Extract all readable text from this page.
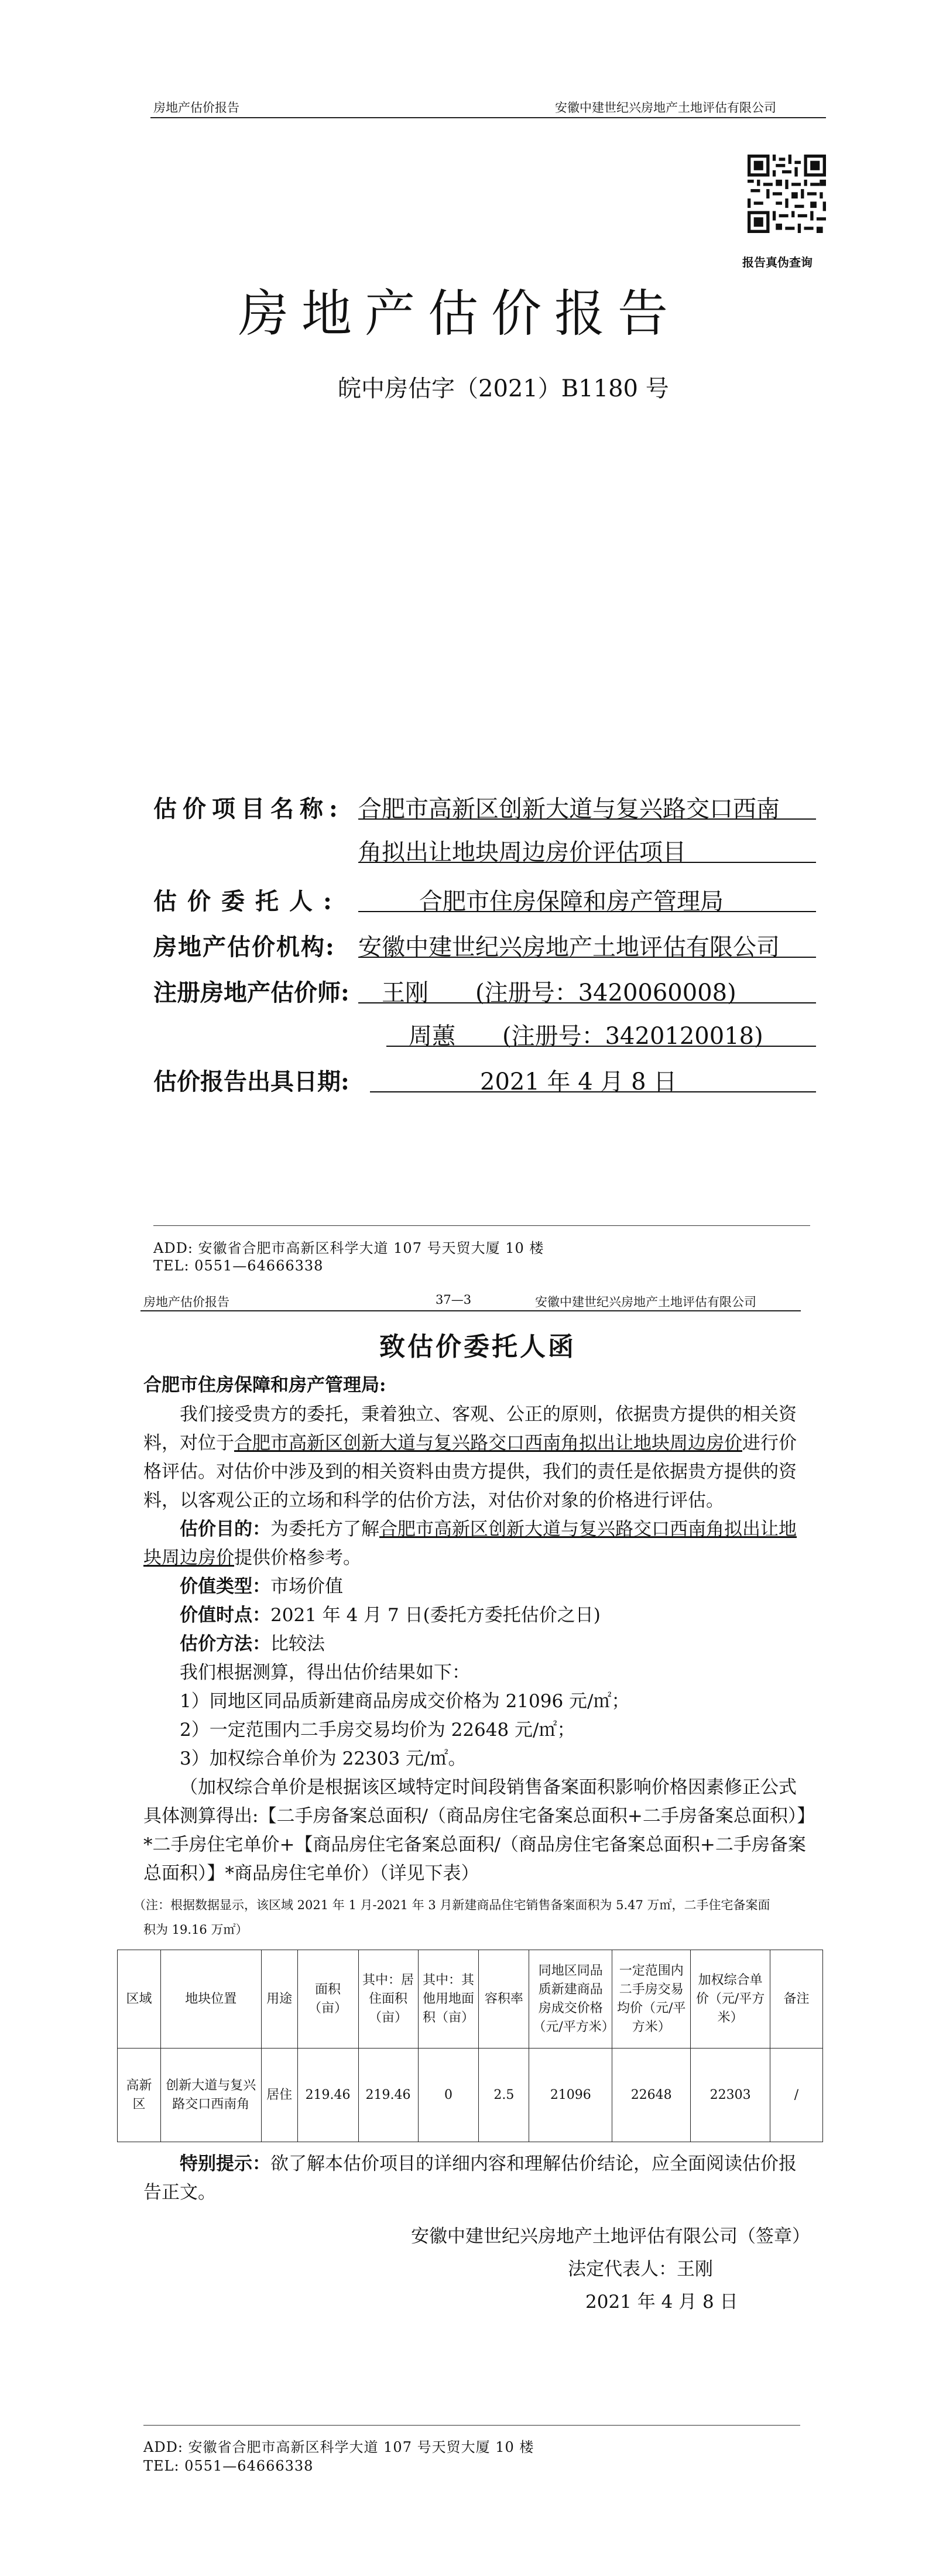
房地产估价报告	安徽中建世纪兴房地产土地评估有限公司
报告真伪查询
房地产估价报告
皖中房估字（2021）B1180 号
估价项目名称: 合肥市高新区创新大道与复兴路交口西南
角拟出让地块周边房价评估项目
估价委托人:	合肥市住房保障和房产管理局
房地产估价机构: 安徽中建世纪兴房地产土地评估有限公司
注册房地产估价师: 王刚　　(注册号：3420060008)
周蕙　　(注册号：3420120018)
估价报告出具日期:	2021 年 4 月 8 日
ADD: 安徽省合肥市高新区科学大道 107 号天贸大厦 10 楼
TEL: 0551—64666338
房地产估价报告	37—3	安徽中建世纪兴房地产土地评估有限公司
致估价委托人函
合肥市住房保障和房产管理局:
我们接受贵方的委托，秉着独立、客观、公正的原则，依据贵方提供的相关资
料，对位于合肥市高新区创新大道与复兴路交口西南角拟出让地块周边房价进行价
格评估。对估价中涉及到的相关资料由贵方提供，我们的责任是依据贵方提供的资
料，以客观公正的立场和科学的估价方法，对估价对象的价格进行评估。
估价目的：为委托方了解合肥市高新区创新大道与复兴路交口西南角拟出让地
块周边房价提供价格参考。
价值类型：市场价值
价值时点：2021 年 4 月 7 日(委托方委托估价之日)
估价方法：比较法
我们根据测算，得出估价结果如下：
1）同地区同品质新建商品房成交价格为 21096 元/㎡；
2）一定范围内二手房交易均价为 22648 元/㎡；
3）加权综合单价为 22303 元/㎡。
（加权综合单价是根据该区域特定时间段销售备案面积影响价格因素修正公式
具体测算得出:【二手房备案总面积/（商品房住宅备案总面积+二手房备案总面积）】
*二手房住宅单价+【商品房住宅备案总面积/（商品房住宅备案总面积+二手房备案
总面积）】*商品房住宅单价）（详见下表）
（注：根据数据显示，该区域 2021 年 1 月-2021 年 3 月新建商品住宅销售备案面积为 5.47 万㎡，二手住宅备案面
积为 19.16 万㎡）
区域	地块位置	用途	面积（亩）	其中：居住面积（亩）	其中：其他用地面积（亩）	容积率	同地区同品质新建商品房成交价格（元/平方米）	一定范围内二手房交易均价（元/平方米）	加权综合单价（元/平方米）	备注
高新区	创新大道与复兴路交口西南角	居住	219.46	219.46	0	2.5	21096	22648	22303	/
特别提示：欲了解本估价项目的详细内容和理解估价结论，应全面阅读估价报
告正文。
安徽中建世纪兴房地产土地评估有限公司（签章）
法定代表人：王刚
2021 年 4 月 8 日
ADD: 安徽省合肥市高新区科学大道 107 号天贸大厦 10 楼
TEL: 0551—64666338
